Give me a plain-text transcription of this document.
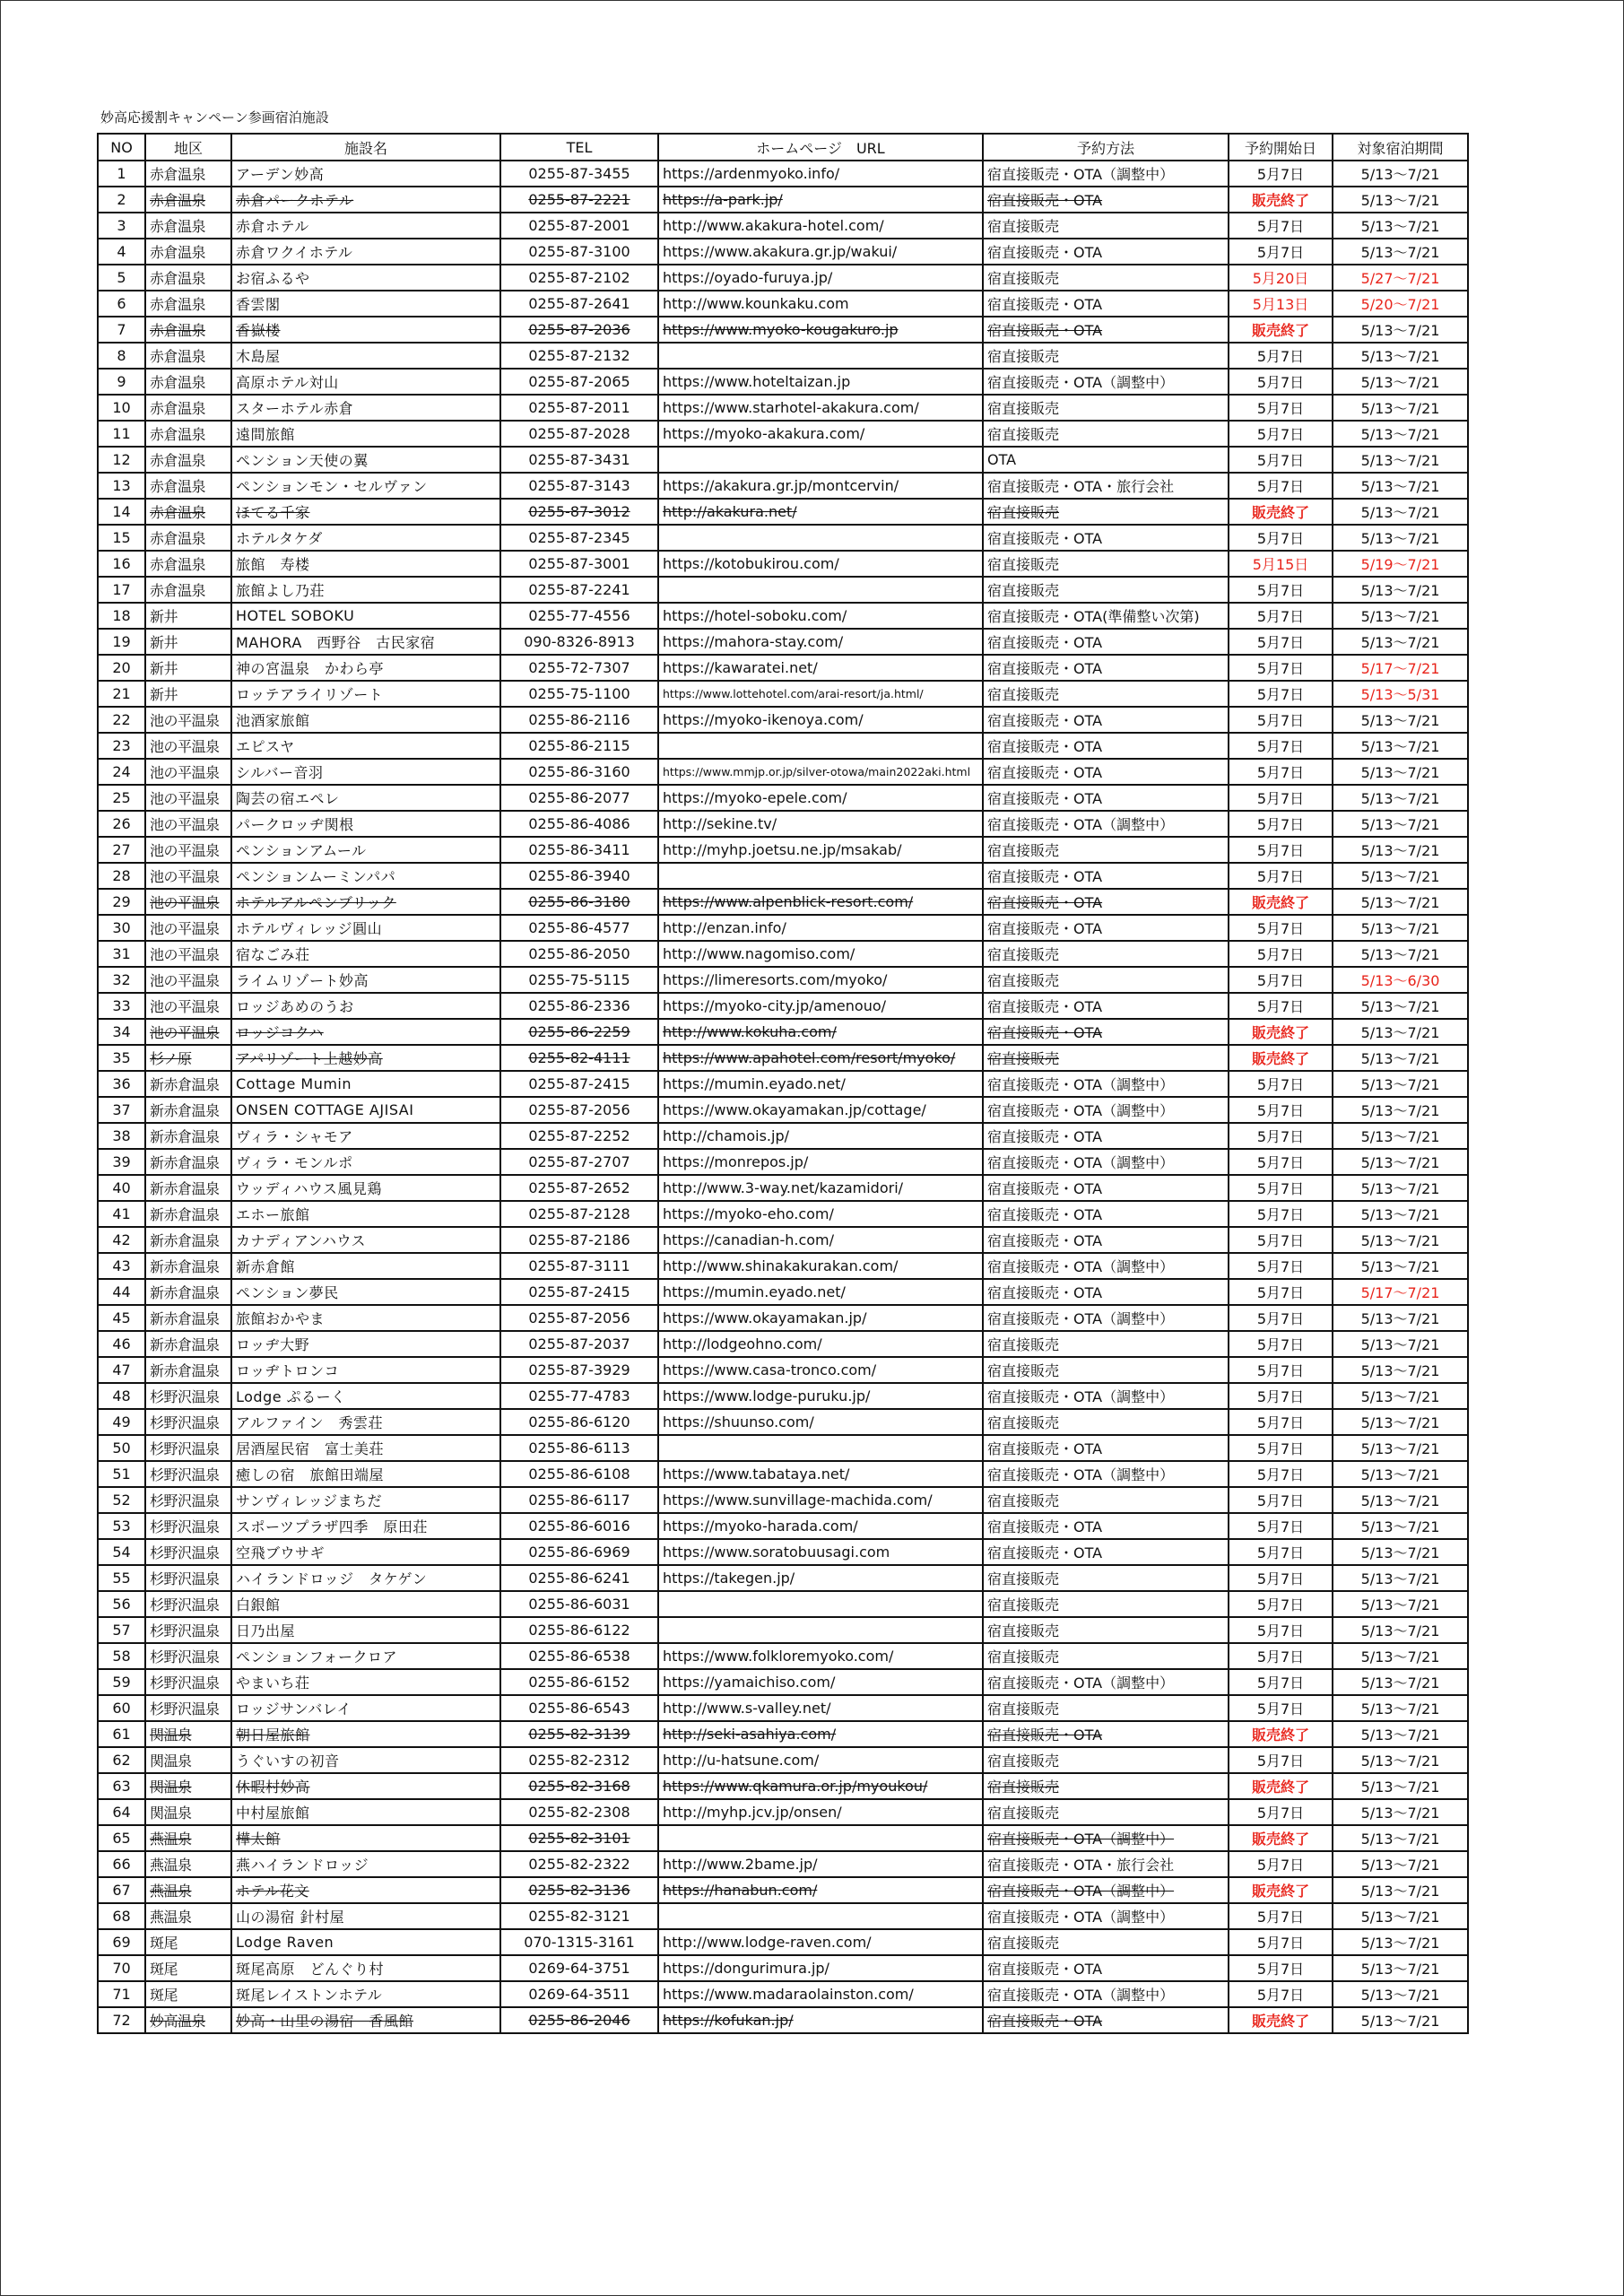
妙高応援割キャンペーン参画宿泊施設
NO	地区	施設名	TEL	ホームページ　URL	予約方法	予約開始日	対象宿泊期間
1	赤倉温泉	アーデン妙高	0255-87-3455	https://ardenmyoko.info/	宿直接販売・OTA（調整中）	5月7日	5/13〜7/21
2	赤倉温泉	赤倉パークホテル	0255-87-2221	https://a-park.jp/	宿直接販売・OTA	販売終了	5/13〜7/21
3	赤倉温泉	赤倉ホテル	0255-87-2001	http://www.akakura-hotel.com/	宿直接販売	5月7日	5/13〜7/21
4	赤倉温泉	赤倉ワクイホテル	0255-87-3100	https://www.akakura.gr.jp/wakui/	宿直接販売・OTA	5月7日	5/13〜7/21
5	赤倉温泉	お宿ふるや	0255-87-2102	https://oyado-furuya.jp/	宿直接販売	5月20日	5/27〜7/21
6	赤倉温泉	香雲閣	0255-87-2641	http://www.kounkaku.com	宿直接販売・OTA	5月13日	5/20〜7/21
7	赤倉温泉	香嶽楼	0255-87-2036	https://www.myoko-kougakuro.jp	宿直接販売・OTA	販売終了	5/13〜7/21
8	赤倉温泉	木島屋	0255-87-2132		宿直接販売	5月7日	5/13〜7/21
9	赤倉温泉	高原ホテル対山	0255-87-2065	https://www.hoteltaizan.jp	宿直接販売・OTA（調整中）	5月7日	5/13〜7/21
10	赤倉温泉	スターホテル赤倉	0255-87-2011	https://www.starhotel-akakura.com/	宿直接販売	5月7日	5/13〜7/21
11	赤倉温泉	遠間旅館	0255-87-2028	https://myoko-akakura.com/	宿直接販売	5月7日	5/13〜7/21
12	赤倉温泉	ペンション天使の翼	0255-87-3431		OTA	5月7日	5/13〜7/21
13	赤倉温泉	ペンションモン・セルヴァン	0255-87-3143	https://akakura.gr.jp/montcervin/	宿直接販売・OTA・旅行会社	5月7日	5/13〜7/21
14	赤倉温泉	ほてる千家	0255-87-3012	http://akakura.net/	宿直接販売	販売終了	5/13〜7/21
15	赤倉温泉	ホテルタケダ	0255-87-2345		宿直接販売・OTA	5月7日	5/13〜7/21
16	赤倉温泉	旅館　寿楼	0255-87-3001	https://kotobukirou.com/	宿直接販売	5月15日	5/19〜7/21
17	赤倉温泉	旅館よし乃荘	0255-87-2241		宿直接販売	5月7日	5/13〜7/21
18	新井	HOTEL SOBOKU	0255-77-4556	https://hotel-soboku.com/	宿直接販売・OTA(準備整い次第)	5月7日	5/13〜7/21
19	新井	MAHORA　西野谷　古民家宿	090-8326-8913	https://mahora-stay.com/	宿直接販売・OTA	5月7日	5/13〜7/21
20	新井	神の宮温泉　かわら亭	0255-72-7307	https://kawaratei.net/	宿直接販売・OTA	5月7日	5/17〜7/21
21	新井	ロッテアライリゾート	0255-75-1100	https://www.lottehotel.com/arai-resort/ja.html/	宿直接販売	5月7日	5/13〜5/31
22	池の平温泉	池酒家旅館	0255-86-2116	https://myoko-ikenoya.com/	宿直接販売・OTA	5月7日	5/13〜7/21
23	池の平温泉	エピスヤ	0255-86-2115		宿直接販売・OTA	5月7日	5/13〜7/21
24	池の平温泉	シルバー音羽	0255-86-3160	https://www.mmjp.or.jp/silver-otowa/main2022aki.html	宿直接販売・OTA	5月7日	5/13〜7/21
25	池の平温泉	陶芸の宿エペレ	0255-86-2077	https://myoko-epele.com/	宿直接販売・OTA	5月7日	5/13〜7/21
26	池の平温泉	パークロッヂ関根	0255-86-4086	http://sekine.tv/	宿直接販売・OTA（調整中）	5月7日	5/13〜7/21
27	池の平温泉	ペンションアムール	0255-86-3411	http://myhp.joetsu.ne.jp/msakab/	宿直接販売	5月7日	5/13〜7/21
28	池の平温泉	ペンションムーミンパパ	0255-86-3940		宿直接販売・OTA	5月7日	5/13〜7/21
29	池の平温泉	ホテルアルペンブリック	0255-86-3180	https://www.alpenblick-resort.com/	宿直接販売・OTA	販売終了	5/13〜7/21
30	池の平温泉	ホテルヴィレッジ圓山	0255-86-4577	http://enzan.info/	宿直接販売・OTA	5月7日	5/13〜7/21
31	池の平温泉	宿なごみ荘	0255-86-2050	http://www.nagomiso.com/	宿直接販売	5月7日	5/13〜7/21
32	池の平温泉	ライムリゾート妙高	0255-75-5115	https://limeresorts.com/myoko/	宿直接販売	5月7日	5/13〜6/30
33	池の平温泉	ロッジあめのうお	0255-86-2336	https://myoko-city.jp/amenouo/	宿直接販売・OTA	5月7日	5/13〜7/21
34	池の平温泉	ロッジコクハ	0255-86-2259	http://www.kokuha.com/	宿直接販売・OTA	販売終了	5/13〜7/21
35	杉ノ原	アパリゾート上越妙高	0255-82-4111	https://www.apahotel.com/resort/myoko/	宿直接販売	販売終了	5/13〜7/21
36	新赤倉温泉	Cottage Mumin	0255-87-2415	https://mumin.eyado.net/	宿直接販売・OTA（調整中）	5月7日	5/13〜7/21
37	新赤倉温泉	ONSEN COTTAGE AJISAI	0255-87-2056	https://www.okayamakan.jp/cottage/	宿直接販売・OTA（調整中）	5月7日	5/13〜7/21
38	新赤倉温泉	ヴィラ・シャモア	0255-87-2252	http://chamois.jp/	宿直接販売・OTA	5月7日	5/13〜7/21
39	新赤倉温泉	ヴィラ・モンルポ	0255-87-2707	https://monrepos.jp/	宿直接販売・OTA（調整中）	5月7日	5/13〜7/21
40	新赤倉温泉	ウッディハウス風見鶏	0255-87-2652	http://www.3-way.net/kazamidori/	宿直接販売・OTA	5月7日	5/13〜7/21
41	新赤倉温泉	エホー旅館	0255-87-2128	https://myoko-eho.com/	宿直接販売・OTA	5月7日	5/13〜7/21
42	新赤倉温泉	カナディアンハウス	0255-87-2186	https://canadian-h.com/	宿直接販売・OTA	5月7日	5/13〜7/21
43	新赤倉温泉	新赤倉館	0255-87-3111	http://www.shinakakurakan.com/	宿直接販売・OTA（調整中）	5月7日	5/13〜7/21
44	新赤倉温泉	ペンション夢民	0255-87-2415	https://mumin.eyado.net/	宿直接販売・OTA	5月7日	5/17〜7/21
45	新赤倉温泉	旅館おかやま	0255-87-2056	https://www.okayamakan.jp/	宿直接販売・OTA（調整中）	5月7日	5/13〜7/21
46	新赤倉温泉	ロッヂ大野	0255-87-2037	http://lodgeohno.com/	宿直接販売	5月7日	5/13〜7/21
47	新赤倉温泉	ロッヂトロンコ	0255-87-3929	https://www.casa-tronco.com/	宿直接販売	5月7日	5/13〜7/21
48	杉野沢温泉	Lodge ぷるーく	0255-77-4783	https://www.lodge-puruku.jp/	宿直接販売・OTA（調整中）	5月7日	5/13〜7/21
49	杉野沢温泉	アルファイン　秀雲荘	0255-86-6120	https://shuunso.com/	宿直接販売	5月7日	5/13〜7/21
50	杉野沢温泉	居酒屋民宿　富士美荘	0255-86-6113		宿直接販売・OTA	5月7日	5/13〜7/21
51	杉野沢温泉	癒しの宿　旅館田端屋	0255-86-6108	https://www.tabataya.net/	宿直接販売・OTA（調整中）	5月7日	5/13〜7/21
52	杉野沢温泉	サンヴィレッジまちだ	0255-86-6117	https://www.sunvillage-machida.com/	宿直接販売	5月7日	5/13〜7/21
53	杉野沢温泉	スポーツプラザ四季　原田荘	0255-86-6016	https://myoko-harada.com/	宿直接販売・OTA	5月7日	5/13〜7/21
54	杉野沢温泉	空飛ブウサギ	0255-86-6969	https://www.soratobuusagi.com	宿直接販売・OTA	5月7日	5/13〜7/21
55	杉野沢温泉	ハイランドロッジ　タケゲン	0255-86-6241	https://takegen.jp/	宿直接販売	5月7日	5/13〜7/21
56	杉野沢温泉	白銀館	0255-86-6031		宿直接販売	5月7日	5/13〜7/21
57	杉野沢温泉	日乃出屋	0255-86-6122		宿直接販売	5月7日	5/13〜7/21
58	杉野沢温泉	ペンションフォークロア	0255-86-6538	https://www.folkloremyoko.com/	宿直接販売	5月7日	5/13〜7/21
59	杉野沢温泉	やまいち荘	0255-86-6152	https://yamaichiso.com/	宿直接販売・OTA（調整中）	5月7日	5/13〜7/21
60	杉野沢温泉	ロッジサンバレイ	0255-86-6543	http://www.s-valley.net/	宿直接販売	5月7日	5/13〜7/21
61	関温泉	朝日屋旅館	0255-82-3139	http://seki-asahiya.com/	宿直接販売・OTA	販売終了	5/13〜7/21
62	関温泉	うぐいすの初音	0255-82-2312	http://u-hatsune.com/	宿直接販売	5月7日	5/13〜7/21
63	関温泉	休暇村妙高	0255-82-3168	https://www.qkamura.or.jp/myoukou/	宿直接販売	販売終了	5/13〜7/21
64	関温泉	中村屋旅館	0255-82-2308	http://myhp.jcv.jp/onsen/	宿直接販売	5月7日	5/13〜7/21
65	燕温泉	樺太館	0255-82-3101		宿直接販売・OTA（調整中）	販売終了	5/13〜7/21
66	燕温泉	燕ハイランドロッジ	0255-82-2322	http://www.2bame.jp/	宿直接販売・OTA・旅行会社	5月7日	5/13〜7/21
67	燕温泉	ホテル花文	0255-82-3136	https://hanabun.com/	宿直接販売・OTA（調整中）	販売終了	5/13〜7/21
68	燕温泉	山の湯宿 針村屋	0255-82-3121		宿直接販売・OTA（調整中）	5月7日	5/13〜7/21
69	斑尾	Lodge Raven	070-1315-3161	http://www.lodge-raven.com/	宿直接販売	5月7日	5/13〜7/21
70	斑尾	斑尾高原　どんぐり村	0269-64-3751	https://dongurimura.jp/	宿直接販売・OTA	5月7日	5/13〜7/21
71	斑尾	斑尾レイストンホテル	0269-64-3511	https://www.madaraolainston.com/	宿直接販売・OTA（調整中）	5月7日	5/13〜7/21
72	妙高温泉	妙高・山里の湯宿　香風館	0255-86-2046	https://kofukan.jp/	宿直接販売・OTA	販売終了	5/13〜7/21
